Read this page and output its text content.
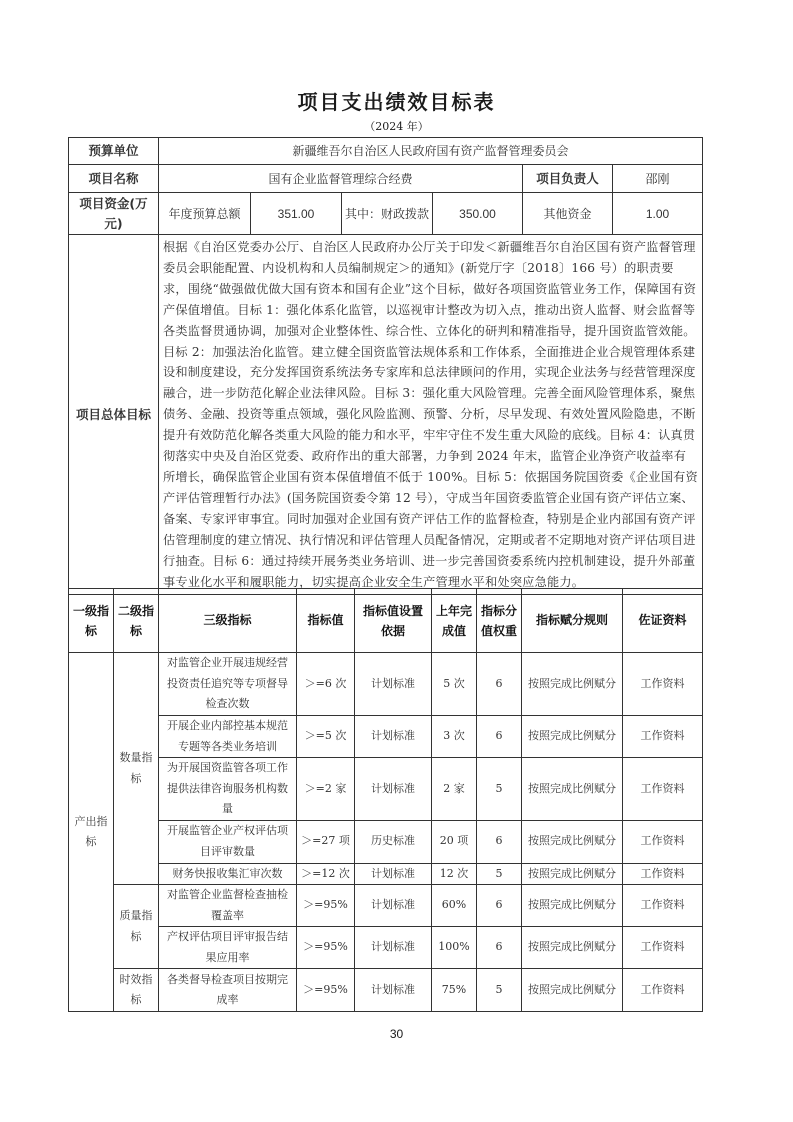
项目支出绩效目标表
（2024 年）
预算单位	新疆维吾尔自治区人民政府国有资产监督管理委员会					
项目名称	国有企业监督管理综合经费				项目负责人	邵刚
项目资金(万元)	年度预算总额	351.00	其中：财政拨款	350.00	其他资金	1.00
项目总体目标	根据《自治区党委办公厅、自治区人民政府办公厅关于印发＜新疆维吾尔自治区国有资产监督管理委员会职能配置、内设机构和人员编制规定＞的通知》(新党厅字〔2018〕166 号）的职责要求，围绕“做强做优做大国有资本和国有企业”这个目标，做好各项国资监管业务工作，保障国有资产保值增值。目标 1：强化体系化监管，以巡视审计整改为切入点，推动出资人监督、财会监督等各类监督贯通协调，加强对企业整体性、综合性、立体化的研判和精准指导，提升国资监管效能。目标 2：加强法治化监管。建立健全国资监管法规体系和工作体系，全面推进企业合规管理体系建设和制度建设，充分发挥国资系统法务专家库和总法律顾问的作用，实现企业法务与经营管理深度融合，进一步防范化解企业法律风险。目标 3：强化重大风险管理。完善全面风险管理体系，聚焦债务、金融、投资等重点领域，强化风险监测、预警、分析，尽早发现、有效处置风险隐患，不断提升有效防范化解各类重大风险的能力和水平，牢牢守住不发生重大风险的底线。目标 4：认真贯彻落实中央及自治区党委、政府作出的重大部署，力争到 2024 年末，监管企业净资产收益率有所增长，确保监管企业国有资本保值增值不低于 100%。目标 5：依据国务院国资委《企业国有资产评估管理暂行办法》(国务院国资委令第 12 号），守成当年国资委监管企业国有资产评估立案、备案、专家评审事宜。同时加强对企业国有资产评估工作的监督检查，特别是企业内部国有资产评估管理制度的建立情况、执行情况和评估管理人员配备情况，定期或者不定期地对资产评估项目进行抽查。目标 6：通过持续开展务类业务培训、进一步完善国资委系统内控机制建设，提升外部董事专业化水平和履职能力，切实提高企业安全生产管理水平和处突应急能力。					
一级指标	二级指标	三级指标	指标值	指标值设置依据	上年完成值	指标分值权重	指标赋分规则	佐证资料
产出指标	数量指标	对监管企业开展违规经营投资责任追究等专项督导检查次数	＞=6 次	计划标准	5 次	6	按照完成比例赋分	工作资料
		开展企业内部控基本规范专题等各类业务培训	＞=5 次	计划标准	3 次	6	按照完成比例赋分	工作资料
		为开展国资监管各项工作提供法律咨询服务机构数量	＞=2 家	计划标准	2 家	5	按照完成比例赋分	工作资料
		开展监管企业产权评估项目评审数量	＞=27 项	历史标准	20 项	6	按照完成比例赋分	工作资料
		财务快报收集汇审次数	＞=12 次	计划标准	12 次	5	按照完成比例赋分	工作资料
	质量指标	对监管企业监督检查抽检覆盖率	＞=95%	计划标准	60%	6	按照完成比例赋分	工作资料
		产权评估项目评审报告结果应用率	＞=95%	计划标准	100%	6	按照完成比例赋分	工作资料
	时效指标	各类督导检查项目按期完成率	＞=95%	计划标准	75%	5	按照完成比例赋分	工作资料
30
